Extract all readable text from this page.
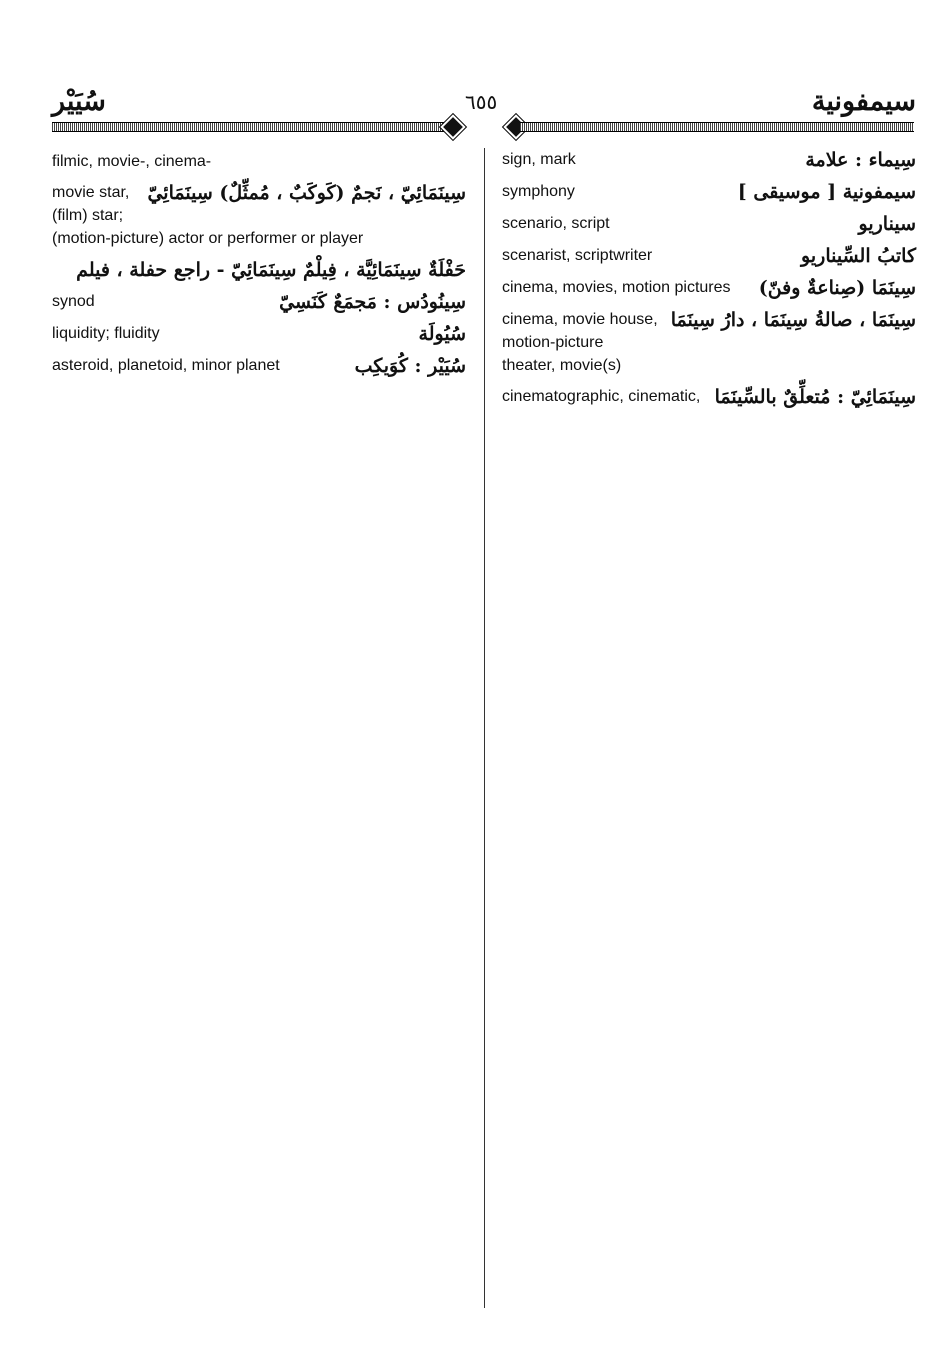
سيمفونية
٦٥٥
سُيَيْر
سِيماء : علامة
sign, mark
سيمفونية [ موسيقى ]
symphony
سيناريو
scenario, script
كاتبُ السِّيناريو
scenarist, scriptwriter
سِينَمَا (صِناعةٌ وفنّ)
cinema, movies, motion pictures
سِينَمَا ، صالةُ سِينَمَا ، دارُ سِينَمَا
cinema, movie house, motion-picture theater, movie(s)
سِينَمَائِيّ : مُتعلِّقٌ بالسِّينَمَا
cinematographic, cinematic,
filmic, movie-, cinema-
سِينَمَائِيّ ، نَجمٌ (كَوكَبٌ ، مُمثِّلٌ) سِينَمَائِيّ
movie star, (film) star; (motion-picture) actor or performer or player
حَفْلَةٌ سِينَمَائِيَّة ، فِيلْمٌ سِينَمَائِيّ - راجع حفلة ، فيلم
سِينُودُس : مَجمَعٌ كَنَسِيّ
synod
سُيُولَة
liquidity; fluidity
سُيَيْر : كُوَيكِب
asteroid, planetoid, minor planet
